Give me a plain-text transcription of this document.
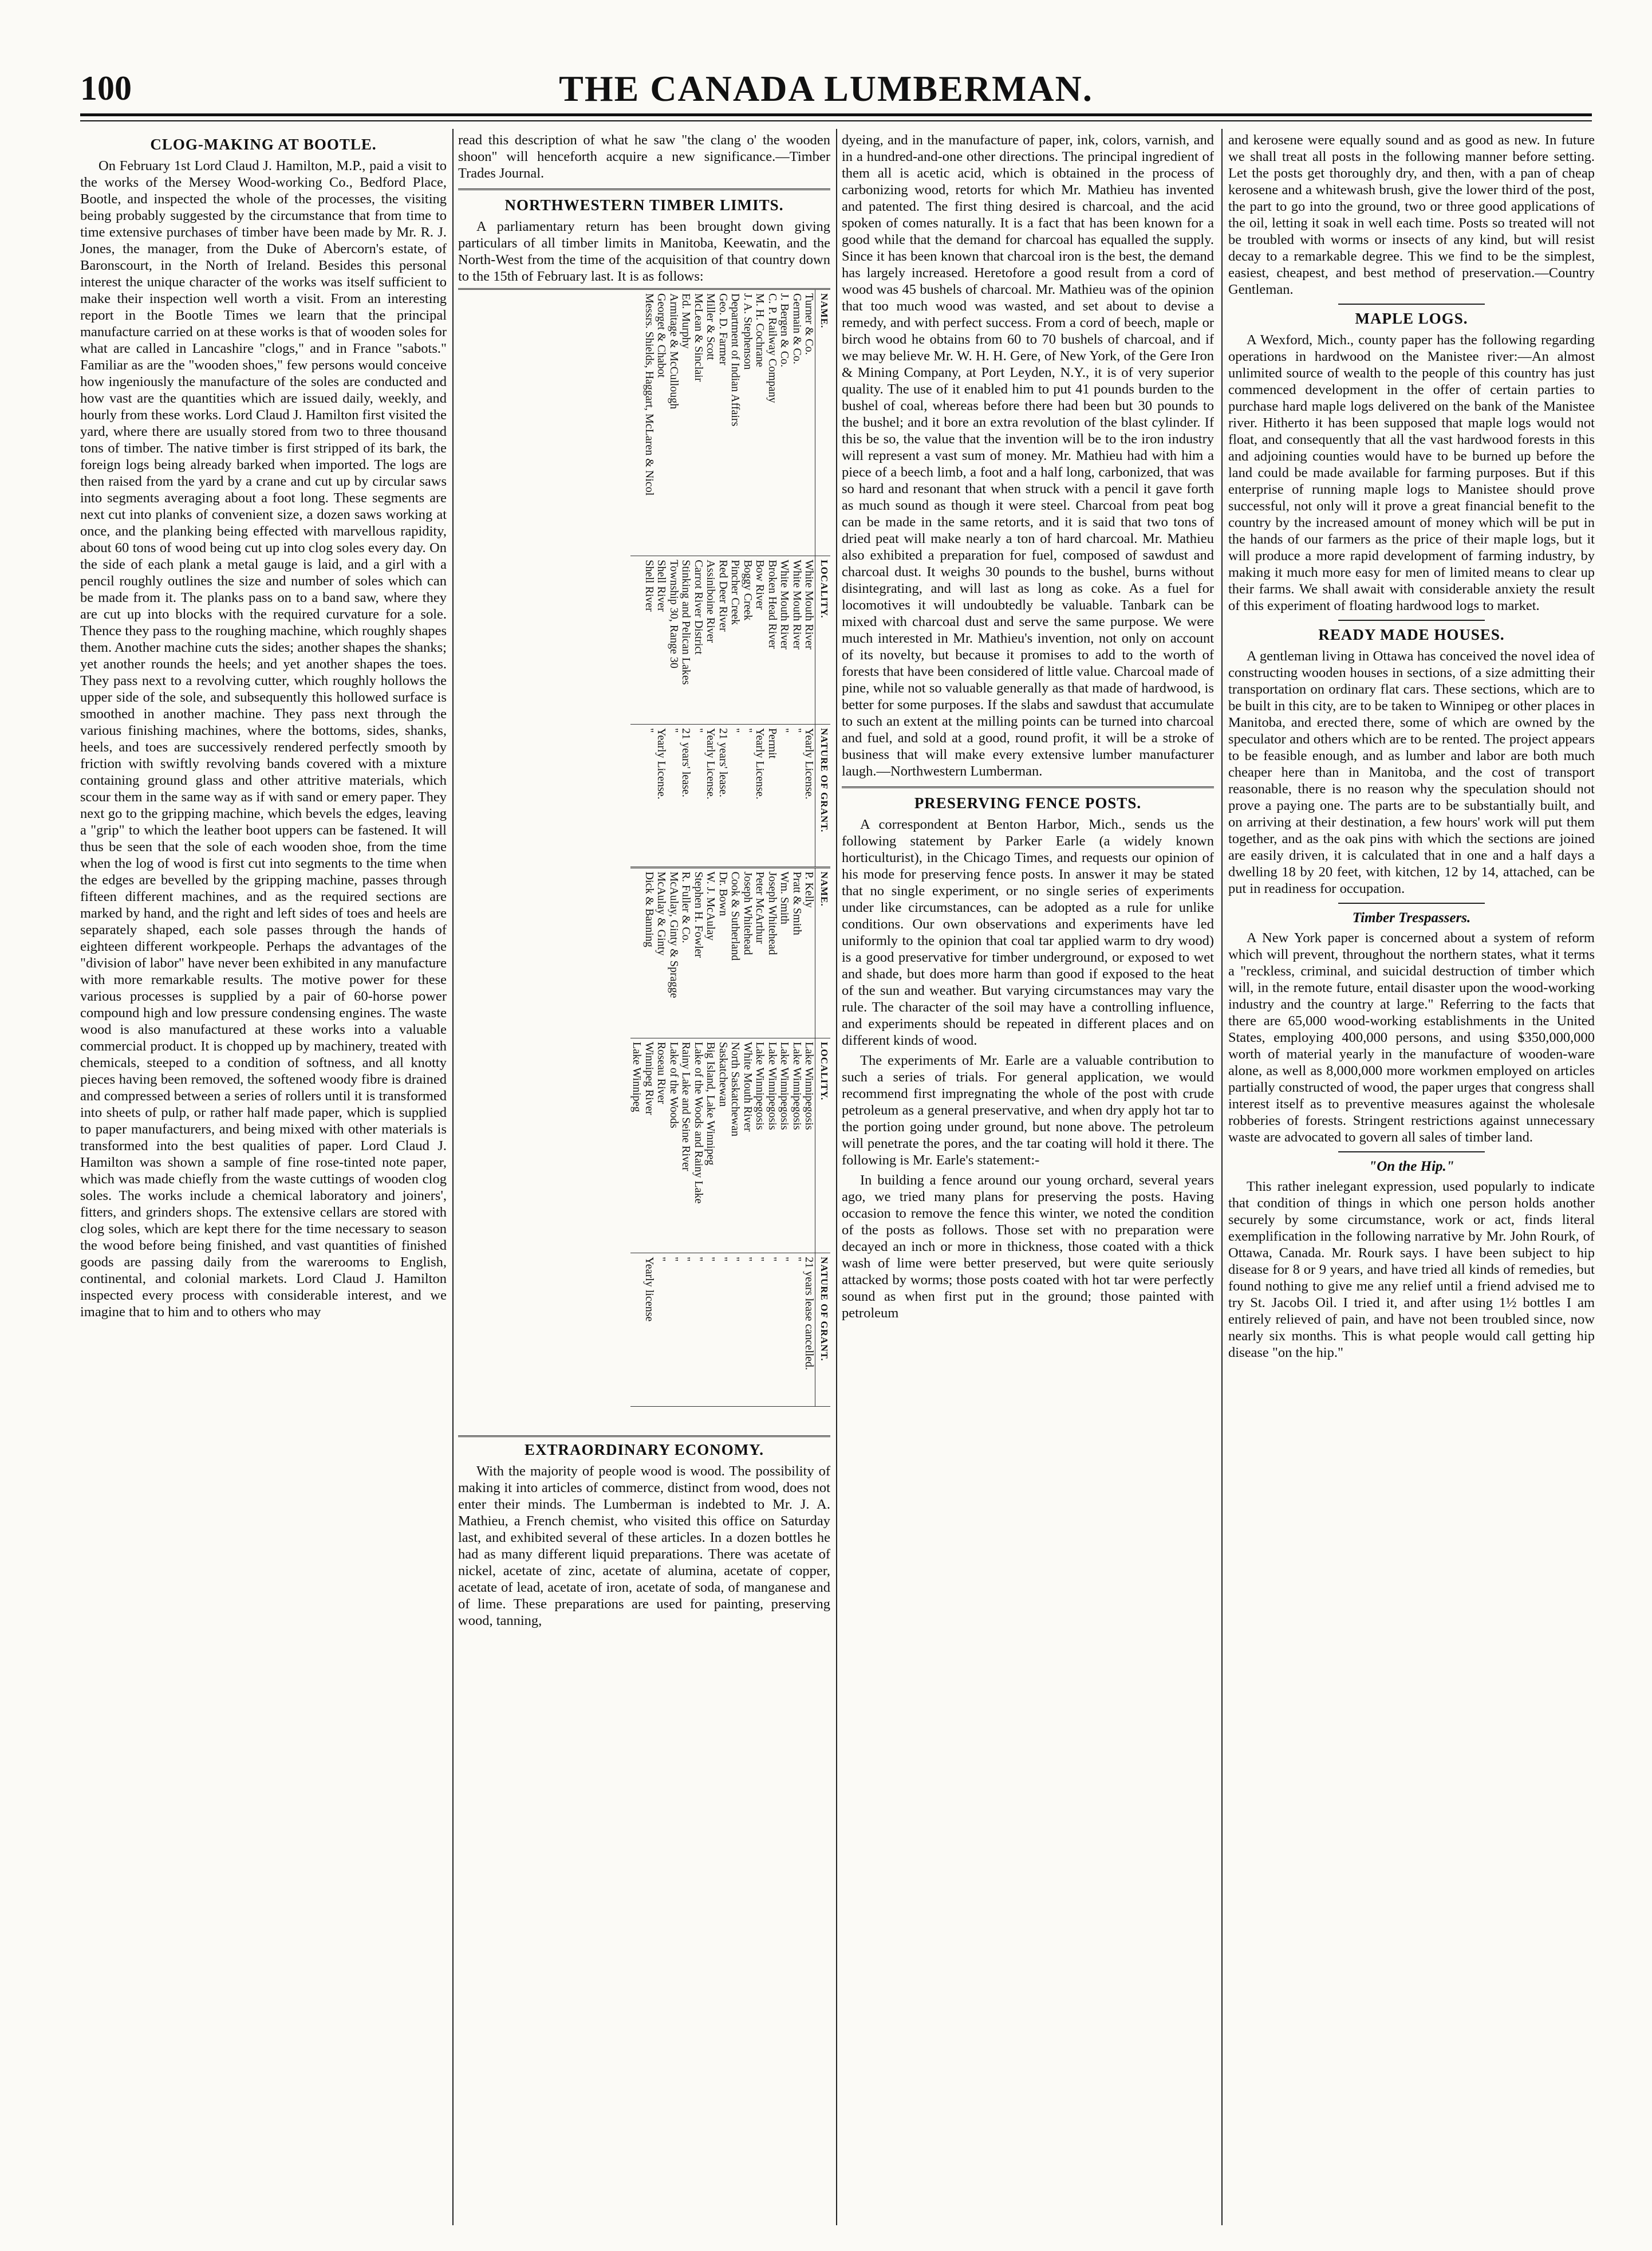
100	THE CANADA LUMBERMAN.
CLOG-MAKING AT BOOTLE.

On February 1st Lord Claud J. Hamilton, M.P., paid a visit to the works of the Mersey Wood-working Co., Bedford Place, Bootle, and inspected the whole of the processes, the visiting being probably suggested by the circumstance that from time to time extensive purchases of timber have been made by Mr. R. J. Jones, the manager, from the Duke of Abercorn's estate, of Baronscourt, in the North of Ireland. Besides this personal interest the unique character of the works was itself sufficient to make their inspection well worth a visit. From an interesting report in the Bootle Times we learn that the principal manufacture carried on at these works is that of wooden soles for what are called in Lancashire "clogs," and in France "sabots." Familiar as are the "wooden shoes," few persons would conceive how ingeniously the manufacture of the soles are conducted and how vast are the quantities which are issued daily, weekly, and hourly from these works. Lord Claud J. Hamilton first visited the yard, where there are usually stored from two to three thousand tons of timber. The native timber is first stripped of its bark, the foreign logs being already barked when imported. The logs are then raised from the yard by a crane and cut up by circular saws into segments averaging about a foot long. These segments are next cut into planks of convenient size, a dozen saws working at once, and the planking being effected with marvellous rapidity, about 60 tons of wood being cut up into clog soles every day. On the side of each plank a metal gauge is laid, and a girl with a pencil roughly outlines the size and number of soles which can be made from it. The planks pass on to a band saw, where they are cut up into blocks with the required curvature for a sole. Thence they pass to the roughing machine, which roughly shapes them. Another machine cuts the sides; another shapes the shanks; yet another rounds the heels; and yet another shapes the toes. They pass next to a revolving cutter, which roughly hollows the upper side of the sole, and subsequently this hollowed surface is smoothed in another machine. They pass next through the various finishing machines, where the bottoms, sides, shanks, heels, and toes are successively rendered perfectly smooth by friction with swiftly revolving bands covered with a mixture containing ground glass and other attritive materials, which scour them in the same way as if with sand or emery paper. They next go to the gripping machine, which bevels the edges, leaving a "grip" to which the leather boot uppers can be fastened. It will thus be seen that the sole of each wooden shoe, from the time when the log of wood is first cut into segments to the time when the edges are bevelled by the gripping machine, passes through fifteen different machines, and as the required sections are marked by hand, and the right and left sides of toes and heels are separately shaped, each sole passes through the hands of eighteen different workpeople. Perhaps the advantages of the "division of labor" have never been exhibited in any manufacture with more remarkable results. The motive power for these various processes is supplied by a pair of 60-horse power compound high and low pressure condensing engines. The waste wood is also manufactured at these works into a valuable commercial product. It is chopped up by machinery, treated with chemicals, steeped to a condition of softness, and all knotty pieces having been removed, the softened woody fibre is drained and compressed between a series of rollers until it is transformed into sheets of pulp, or rather half made paper, which is supplied to paper manufacturers, and being mixed with other materials is transformed into the best qualities of paper. Lord Claud J. Hamilton was shown a sample of fine rose-tinted note paper, which was made chiefly from the waste cuttings of wooden clog soles. The works include a chemical laboratory and joiners', fitters, and grinders shops. The extensive cellars are stored with clog soles, which are kept there for the time necessary to season the wood before being finished, and vast quantities of finished goods are passing daily from the warerooms to English, continental, and colonial markets. Lord Claud J. Hamilton inspected every process with considerable interest, and we imagine that to him and to others who may

read this description of what he saw "the clang o' the wooden shoon" will henceforth acquire a new significance.—Timber Trades Journal.

NORTHWESTERN TIMBER LIMITS.

A parliamentary return has been brought down giving particulars of all timber limits in Manitoba, Keewatin, and the North-West from the time of the acquisition of that country down to the 15th of February last. It is as follows:

NAME.	LOCALITY.	NATURE OF GRANT.	NAME.	LOCALITY.	NATURE OF GRANT.
Turner & Co.	White Mouth River	Yearly License.	P. Kelly	Lake Winnipegosis	21 years lease cancelled.
Germain & Co.	White Mouth River	"	Pratt & Smith	Lake Winnipegosis	"
J. Bergen & Co.	White Mouth River	"	Wm. Smith	Lake Winnipegosis	"
C. P. Railway Company	Broken Head River	Permit	Joseph Whitehead	Lake Winnipegosis	"
M. H. Cochrane	Bow River	Yearly License.	Peter McArthur	Lake Winnipegosis	"
J. A. Stephenson	Boggy Creek	"	Joseph Whitehead	White Mouth River	"
Department of Indian Affairs	Pincher Creek	"	Cook & Sutherland	North Saskatchewan	"
Geo. D. Farmer	Red Deer River	21 years' lease.	Dr. Bown	Saskatchewan	"
Miller & Scott	Assiniboine River	Yearly License.	W. J. McAulay	Big Island, Lake Winnipeg	"
McLean & Sinclair	Carrot River District	"	Stephen H. Fowler	Lake of the Woods and Rainy Lake	"
Ed. Murphy	Stinking and Pelican Lakes	21 years' lease.	R. Fuller & Co.	Rainy Lake and Seine River	"
Armitage & McCullough	Township 30, Range 30	"	McAulay, Ginty & Spragge	Lake of the Woods	"
Georget & Chabot	Shell River	Yearly License.	McAulay & Ginty	Roseau River	"
Messrs. Shields, Haggart, McLaren & Nicol	Shell River	"	Dick & Banning	Winnipeg River	Yearly license
				Lake Winnipeg	
EXTRAORDINARY ECONOMY.

With the majority of people wood is wood. The possibility of making it into articles of commerce, distinct from wood, does not enter their minds. The Lumberman is indebted to Mr. J. A. Mathieu, a French chemist, who visited this office on Saturday last, and exhibited several of these articles. In a dozen bottles he had as many different liquid preparations. There was acetate of nickel, acetate of zinc, acetate of alumina, acetate of copper, acetate of lead, acetate of iron, acetate of soda, of manganese and of lime. These preparations are used for painting, preserving wood, tanning,

dyeing, and in the manufacture of paper, ink, colors, varnish, and in a hundred-and-one other directions. The principal ingredient of them all is acetic acid, which is obtained in the process of carbonizing wood, retorts for which Mr. Mathieu has invented and patented. The first thing desired is charcoal, and the acid spoken of comes naturally. It is a fact that has been known for a good while that the demand for charcoal has equalled the supply. Since it has been known that charcoal iron is the best, the demand has largely increased. Heretofore a good result from a cord of wood was 45 bushels of charcoal. Mr. Mathieu was of the opinion that too much wood was wasted, and set about to devise a remedy, and with perfect success. From a cord of beech, maple or birch wood he obtains from 60 to 70 bushels of charcoal, and if we may believe Mr. W. H. H. Gere, of New York, of the Gere Iron & Mining Company, at Port Leyden, N.Y., it is of very superior quality. The use of it enabled him to put 41 pounds burden to the bushel of coal, whereas before there had been but 30 pounds to the bushel; and it bore an extra revolution of the blast cylinder. If this be so, the value that the invention will be to the iron industry will represent a vast sum of money. Mr. Mathieu had with him a piece of a beech limb, a foot and a half long, carbonized, that was so hard and resonant that when struck with a pencil it gave forth as much sound as though it were steel. Charcoal from peat bog can be made in the same retorts, and it is said that two tons of dried peat will make nearly a ton of hard charcoal. Mr. Mathieu also exhibited a preparation for fuel, composed of sawdust and charcoal dust. It weighs 30 pounds to the bushel, burns without disintegrating, and will last as long as coke. As a fuel for locomotives it will undoubtedly be valuable. Tanbark can be mixed with charcoal dust and serve the same purpose. We were much interested in Mr. Mathieu's invention, not only on account of its novelty, but because it promises to add to the worth of forests that have been considered of little value. Charcoal made of pine, while not so valuable generally as that made of hardwood, is better for some purposes. If the slabs and sawdust that accumulate to such an extent at the milling points can be turned into charcoal and fuel, and sold at a good, round profit, it will be a stroke of business that will make every extensive lumber manufacturer laugh.—Northwestern Lumberman.

PRESERVING FENCE POSTS.

A correspondent at Benton Harbor, Mich., sends us the following statement by Parker Earle (a widely known horticulturist), in the Chicago Times, and requests our opinion of his mode for preserving fence posts. In answer it may be stated that no single experiment, or no single series of experiments under like circumstances, can be adopted as a rule for unlike conditions. Our own observations and experiments have led uniformly to the opinion that coal tar applied warm to dry wood) is a good preservative for timber underground, or exposed to wet and shade, but does more harm than good if exposed to the heat of the sun and weather. But varying circumstances may vary the rule. The character of the soil may have a controlling influence, and experiments should be repeated in different places and on different kinds of wood.

The experiments of Mr. Earle are a valuable contribution to such a series of trials. For general application, we would recommend first impregnating the whole of the post with crude petroleum as a general preservative, and when dry apply hot tar to the portion going under ground, but none above. The petroleum will penetrate the pores, and the tar coating will hold it there. The following is Mr. Earle's statement:-

In building a fence around our young orchard, several years ago, we tried many plans for preserving the posts. Having occasion to remove the fence this winter, we noted the condition of the posts as follows. Those set with no preparation were decayed an inch or more in thickness, those coated with a thick wash of lime were better preserved, but were quite seriously attacked by worms; those posts coated with hot tar were perfectly sound as when first put in the ground; those painted with petroleum

and kerosene were equally sound and as good as new. In future we shall treat all posts in the following manner before setting. Let the posts get thoroughly dry, and then, with a pan of cheap kerosene and a whitewash brush, give the lower third of the post, the part to go into the ground, two or three good applications of the oil, letting it soak in well each time. Posts so treated will not be troubled with worms or insects of any kind, but will resist decay to a remarkable degree. This we find to be the simplest, easiest, cheapest, and best method of preservation.—Country Gentleman.

MAPLE LOGS.

A Wexford, Mich., county paper has the following regarding operations in hardwood on the Manistee river:—An almost unlimited source of wealth to the people of this country has just commenced development in the offer of certain parties to purchase hard maple logs delivered on the bank of the Manistee river. Hitherto it has been supposed that maple logs would not float, and consequently that all the vast hardwood forests in this and adjoining counties would have to be burned up before the land could be made available for farming purposes. But if this enterprise of running maple logs to Manistee should prove successful, not only will it prove a great financial benefit to the country by the increased amount of money which will be put in the hands of our farmers as the price of their maple logs, but it will produce a more rapid development of farming industry, by making it much more easy for men of limited means to clear up their farms. We shall await with considerable anxiety the result of this experiment of floating hardwood logs to market.

READY MADE HOUSES.

A gentleman living in Ottawa has conceived the novel idea of constructing wooden houses in sections, of a size admitting their transportation on ordinary flat cars. These sections, which are to be built in this city, are to be taken to Winnipeg or other places in Manitoba, and erected there, some of which are owned by the speculator and others which are to be rented. The project appears to be feasible enough, and as lumber and labor are both much cheaper here than in Manitoba, and the cost of transport reasonable, there is no reason why the speculation should not prove a paying one. The parts are to be substantially built, and on arriving at their destination, a few hours' work will put them together, and as the oak pins with which the sections are joined are easily driven, it is calculated that in one and a half days a dwelling 18 by 20 feet, with kitchen, 12 by 14, attached, can be put in readiness for occupation.

Timber Trespassers.

A New York paper is concerned about a system of reform which will prevent, throughout the northern states, what it terms a "reckless, criminal, and suicidal destruction of timber which will, in the remote future, entail disaster upon the wood-working industry and the country at large." Referring to the facts that there are 65,000 wood-working establishments in the United States, employing 400,000 persons, and using $350,000,000 worth of material yearly in the manufacture of wooden-ware alone, as well as 8,000,000 more workmen employed on articles partially constructed of wood, the paper urges that congress shall interest itself as to preventive measures against the wholesale robberies of forests. Stringent restrictions against unnecessary waste are advocated to govern all sales of timber land.

"On the Hip."

This rather inelegant expression, used popularly to indicate that condition of things in which one person holds another securely by some circumstance, work or act, finds literal exemplification in the following narrative by Mr. John Rourk, of Ottawa, Canada. Mr. Rourk says. I have been subject to hip disease for 8 or 9 years, and have tried all kinds of remedies, but found nothing to give me any relief until a friend advised me to try St. Jacobs Oil. I tried it, and after using 1½ bottles I am entirely relieved of pain, and have not been troubled since, now nearly six months. This is what people would call getting hip disease "on the hip."
